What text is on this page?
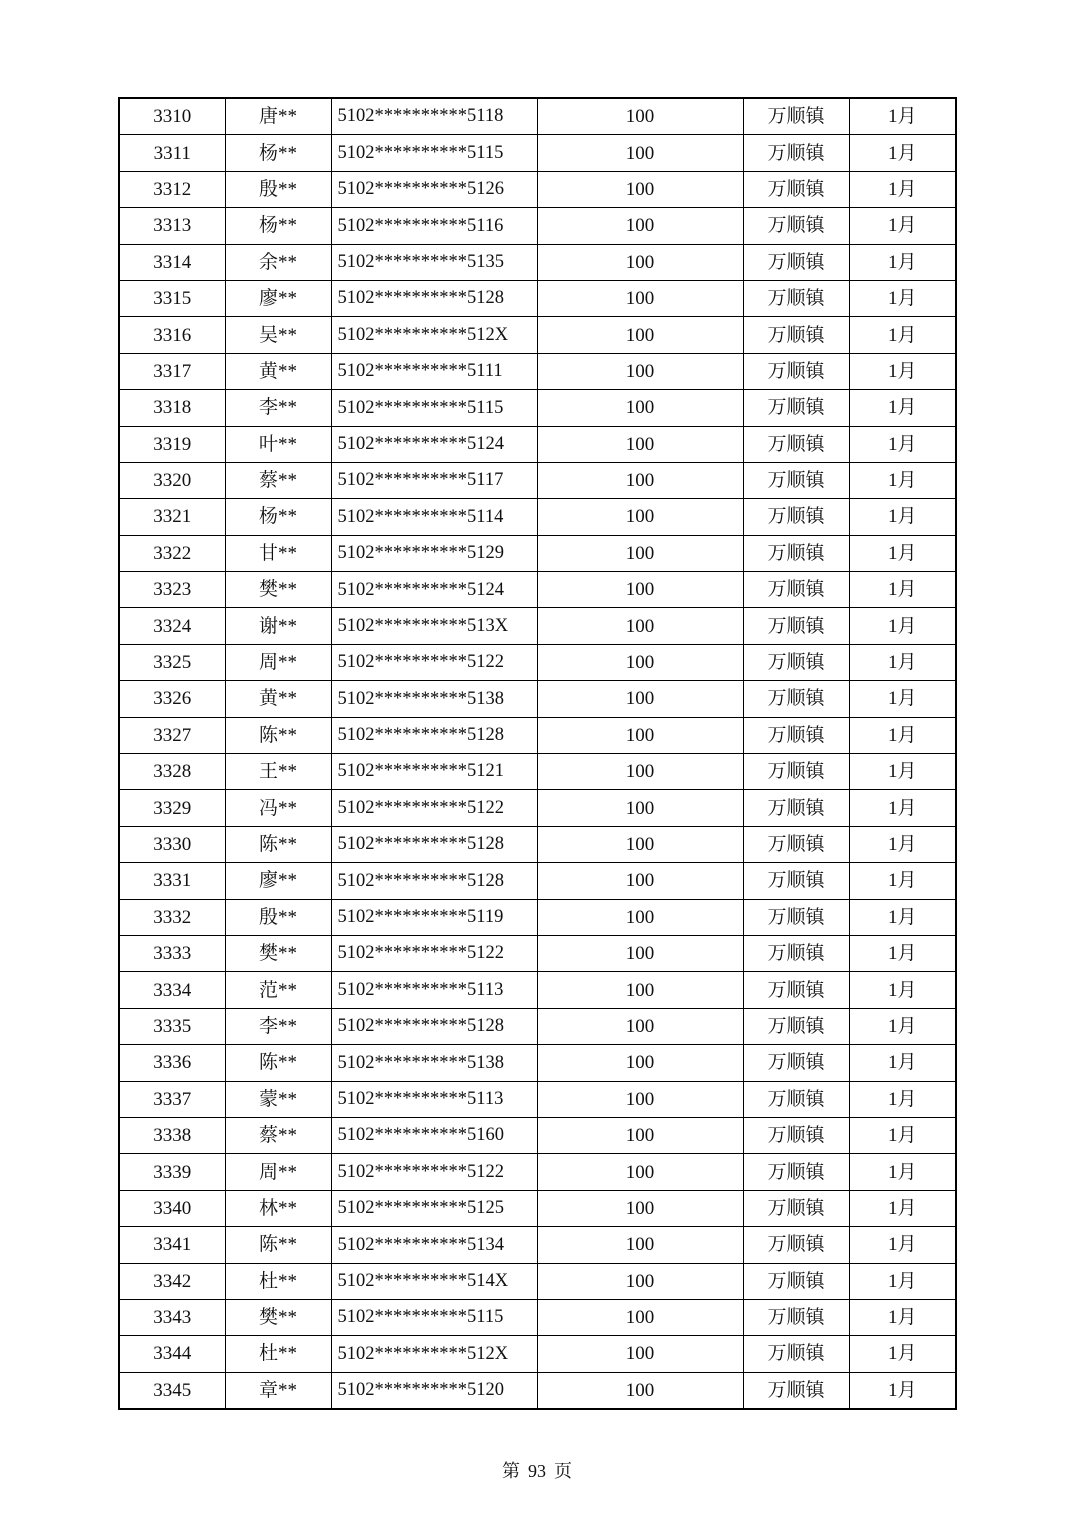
3310	唐**	5102**********5118	100	万顺镇	1月
3311	杨**	5102**********5115	100	万顺镇	1月
3312	殷**	5102**********5126	100	万顺镇	1月
3313	杨**	5102**********5116	100	万顺镇	1月
3314	余**	5102**********5135	100	万顺镇	1月
3315	廖**	5102**********5128	100	万顺镇	1月
3316	吴**	5102**********512X	100	万顺镇	1月
3317	黄**	5102**********5111	100	万顺镇	1月
3318	李**	5102**********5115	100	万顺镇	1月
3319	叶**	5102**********5124	100	万顺镇	1月
3320	蔡**	5102**********5117	100	万顺镇	1月
3321	杨**	5102**********5114	100	万顺镇	1月
3322	甘**	5102**********5129	100	万顺镇	1月
3323	樊**	5102**********5124	100	万顺镇	1月
3324	谢**	5102**********513X	100	万顺镇	1月
3325	周**	5102**********5122	100	万顺镇	1月
3326	黄**	5102**********5138	100	万顺镇	1月
3327	陈**	5102**********5128	100	万顺镇	1月
3328	王**	5102**********5121	100	万顺镇	1月
3329	冯**	5102**********5122	100	万顺镇	1月
3330	陈**	5102**********5128	100	万顺镇	1月
3331	廖**	5102**********5128	100	万顺镇	1月
3332	殷**	5102**********5119	100	万顺镇	1月
3333	樊**	5102**********5122	100	万顺镇	1月
3334	范**	5102**********5113	100	万顺镇	1月
3335	李**	5102**********5128	100	万顺镇	1月
3336	陈**	5102**********5138	100	万顺镇	1月
3337	蒙**	5102**********5113	100	万顺镇	1月
3338	蔡**	5102**********5160	100	万顺镇	1月
3339	周**	5102**********5122	100	万顺镇	1月
3340	林**	5102**********5125	100	万顺镇	1月
3341	陈**	5102**********5134	100	万顺镇	1月
3342	杜**	5102**********514X	100	万顺镇	1月
3343	樊**	5102**********5115	100	万顺镇	1月
3344	杜**	5102**********512X	100	万顺镇	1月
3345	章**	5102**********5120	100	万顺镇	1月
第 93 页
